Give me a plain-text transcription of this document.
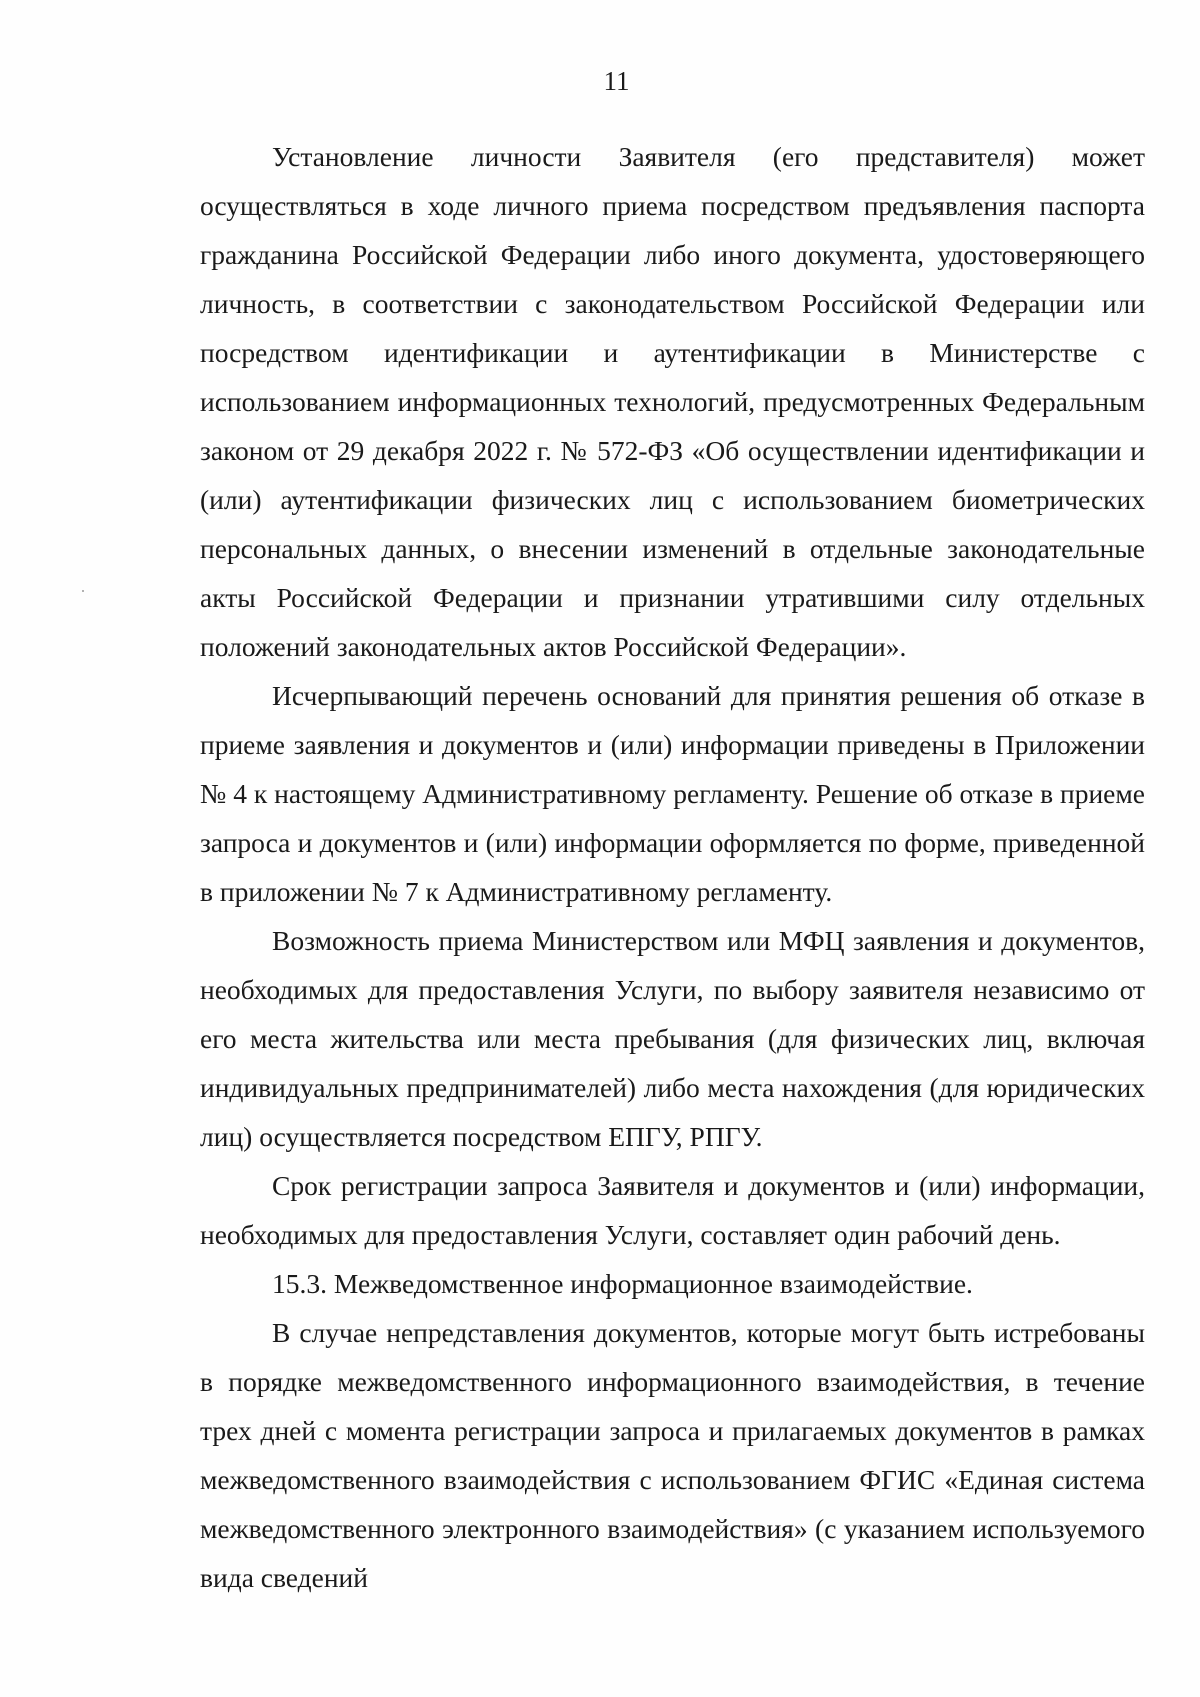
11

Установление личности Заявителя (его представителя) может осуществляться в ходе личного приема посредством предъявления паспорта гражданина Российской Федерации либо иного документа, удостоверяющего личность, в соответствии с законодательством Российской Федерации или посредством идентификации и аутентификации в Министерстве с использованием информационных технологий, предусмотренных Федеральным законом от 29 декабря 2022 г. № 572-ФЗ «Об осуществлении идентификации и (или) аутентификации физических лиц с использованием биометрических персональных данных, о внесении изменений в отдельные законодательные акты Российской Федерации и признании утратившими силу отдельных положений законодательных актов Российской Федерации».

Исчерпывающий перечень оснований для принятия решения об отказе в приеме заявления и документов и (или) информации приведены в Приложении № 4 к настоящему Административному регламенту. Решение об отказе в приеме запроса и документов и (или) информации оформляется по форме, приведенной в приложении № 7 к Административному регламенту.

Возможность приема Министерством или МФЦ заявления и документов, необходимых для предоставления Услуги, по выбору заявителя независимо от его места жительства или места пребывания (для физических лиц, включая индивидуальных предпринимателей) либо места нахождения (для юридических лиц) осуществляется посредством ЕПГУ, РПГУ.

Срок регистрации запроса Заявителя и документов и (или) информации, необходимых для предоставления Услуги, составляет один рабочий день.

15.3. Межведомственное информационное взаимодействие.

В случае непредставления документов, которые могут быть истребованы в порядке межведомственного информационного взаимодействия, в течение трех дней с момента регистрации запроса и прилагаемых документов в рамках межведомственного взаимодействия с использованием ФГИС «Единая система межведомственного электронного взаимодействия» (с указанием используемого вида сведений
